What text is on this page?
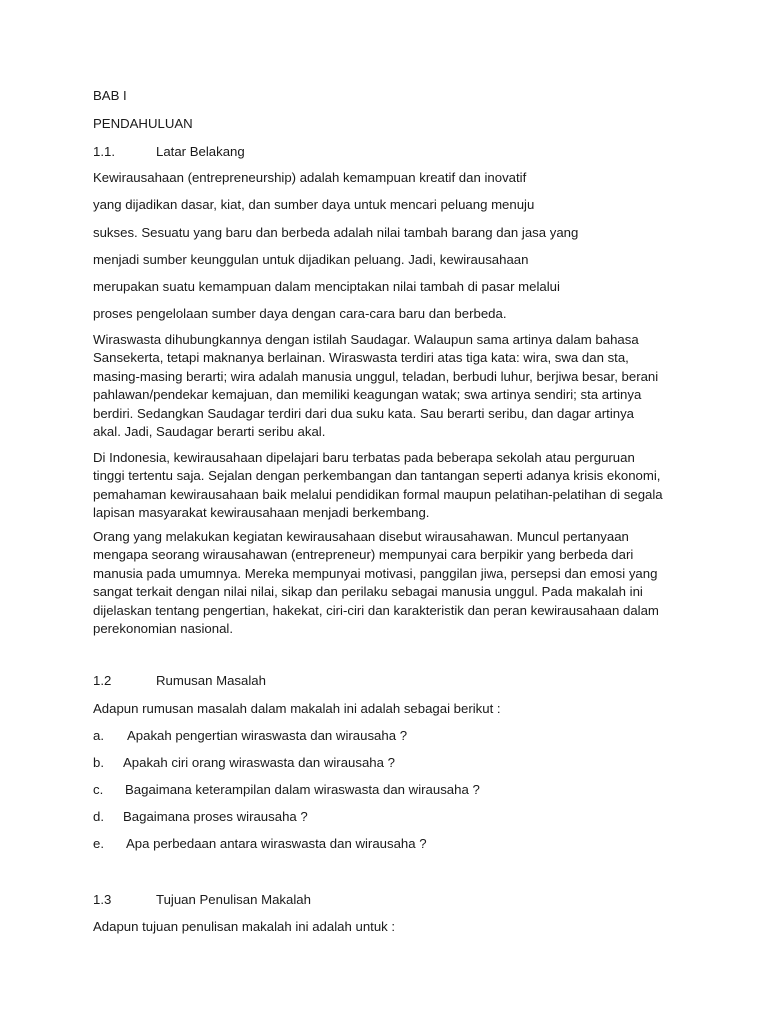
BAB I
PENDAHULUAN
1.1.	Latar Belakang
Kewirausahaan (entrepreneurship) adalah kemampuan kreatif dan inovatif
yang dijadikan dasar, kiat, dan sumber daya untuk mencari peluang menuju
sukses. Sesuatu yang baru dan berbeda adalah nilai tambah barang dan jasa yang
menjadi sumber keunggulan untuk dijadikan peluang. Jadi, kewirausahaan
merupakan suatu kemampuan dalam menciptakan nilai tambah di pasar melalui
proses pengelolaan sumber daya dengan cara-cara baru dan berbeda.
Wiraswasta dihubungkannya dengan istilah Saudagar. Walaupun sama artinya dalam bahasa Sansekerta, tetapi maknanya berlainan. Wiraswasta terdiri atas tiga kata: wira, swa dan sta, masing-masing berarti; wira adalah manusia unggul, teladan, berbudi luhur, berjiwa besar, berani pahlawan/pendekar kemajuan, dan memiliki keagungan watak; swa artinya sendiri; sta artinya berdiri. Sedangkan Saudagar terdiri dari dua suku kata. Sau berarti seribu, dan dagar artinya akal. Jadi, Saudagar berarti seribu akal.
Di Indonesia, kewirausahaan dipelajari baru terbatas pada beberapa sekolah atau perguruan tinggi tertentu saja. Sejalan dengan perkembangan dan tantangan seperti adanya krisis ekonomi, pemahaman kewirausahaan baik melalui pendidikan formal maupun pelatihan-pelatihan di segala lapisan masyarakat kewirausahaan menjadi berkembang.
Orang yang melakukan kegiatan kewirausahaan disebut wirausahawan. Muncul pertanyaan mengapa seorang wirausahawan (entrepreneur) mempunyai cara berpikir yang berbeda dari manusia pada umumnya. Mereka mempunyai motivasi, panggilan jiwa, persepsi dan emosi yang sangat terkait dengan nilai nilai, sikap dan perilaku sebagai manusia unggul. Pada makalah ini dijelaskan tentang pengertian, hakekat, ciri-ciri dan karakteristik dan peran kewirausahaan dalam perekonomian nasional.
1.2	Rumusan Masalah
Adapun rumusan masalah dalam makalah ini adalah sebagai berikut :
a. Apakah pengertian wiraswasta dan wirausaha ?
b. Apakah ciri orang wiraswasta dan wirausaha ?
c. Bagaimana keterampilan dalam wiraswasta dan wirausaha ?
d. Bagaimana proses wirausaha ?
e. Apa perbedaan antara wiraswasta dan wirausaha ?
1.3	Tujuan Penulisan Makalah
Adapun tujuan penulisan makalah ini adalah untuk :
